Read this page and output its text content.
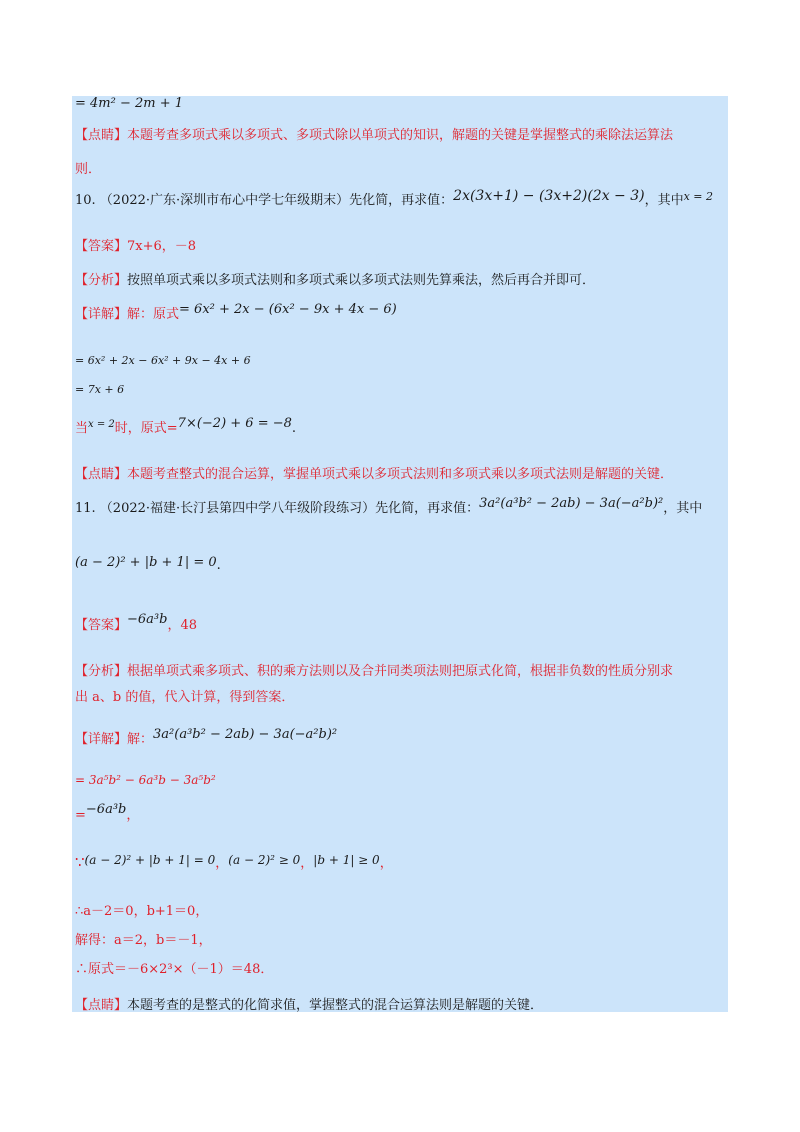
= 4m² − 2m + 1
【点睛】本题考查多项式乘以多项式、多项式除以单项式的知识，解题的关键是掌握整式的乘除法运算法
则．
10. （2022·广东·深圳市布心中学七年级期末）先化简，再求值：2x(3x+1) − (3x+2)(2x − 3)，其中$^{x = 2}$
【答案】7x+6，－8
【分析】按照单项式乘以多项式法则和多项式乘以多项式法则先算乘法，然后再合并即可．
【详解】解：原式= 6x² + 2x − (6x² − 9x + 4x − 6)
= 6x² + 2x − 6x² + 9x − 4x + 6
= 7x + 6
当$^{x = 2}$时，原式=7×(−2) + 6 = −8.
【点睛】本题考查整式的混合运算，掌握单项式乘以多项式法则和多项式乘以多项式法则是解题的关键．
11. （2022·福建·长汀县第四中学八年级阶段练习）先化简，再求值：3a²(a³b² − 2ab) − 3a(−a²b)²，其中
(a − 2)² + |b + 1| = 0.
【答案】−6a³b，48
【分析】根据单项式乘多项式、积的乘方法则以及合并同类项法则把原式化简，根据非负数的性质分别求
出 a、b 的值，代入计算，得到答案．
【详解】解：3a²(a³b² − 2ab) − 3a(−a²b)²
= 3a⁵b² − 6a³b − 3a⁵b²
=−6a³b，
∵(a − 2)² + |b + 1| = 0，(a − 2)² ≥ 0，|b + 1| ≥ 0，
∴a－2＝0，b+1＝0，
解得：a＝2，b＝－1，
∴原式＝－6×2³×（－1）＝48．
【点睛】本题考查的是整式的化简求值，掌握整式的混合运算法则是解题的关键．
